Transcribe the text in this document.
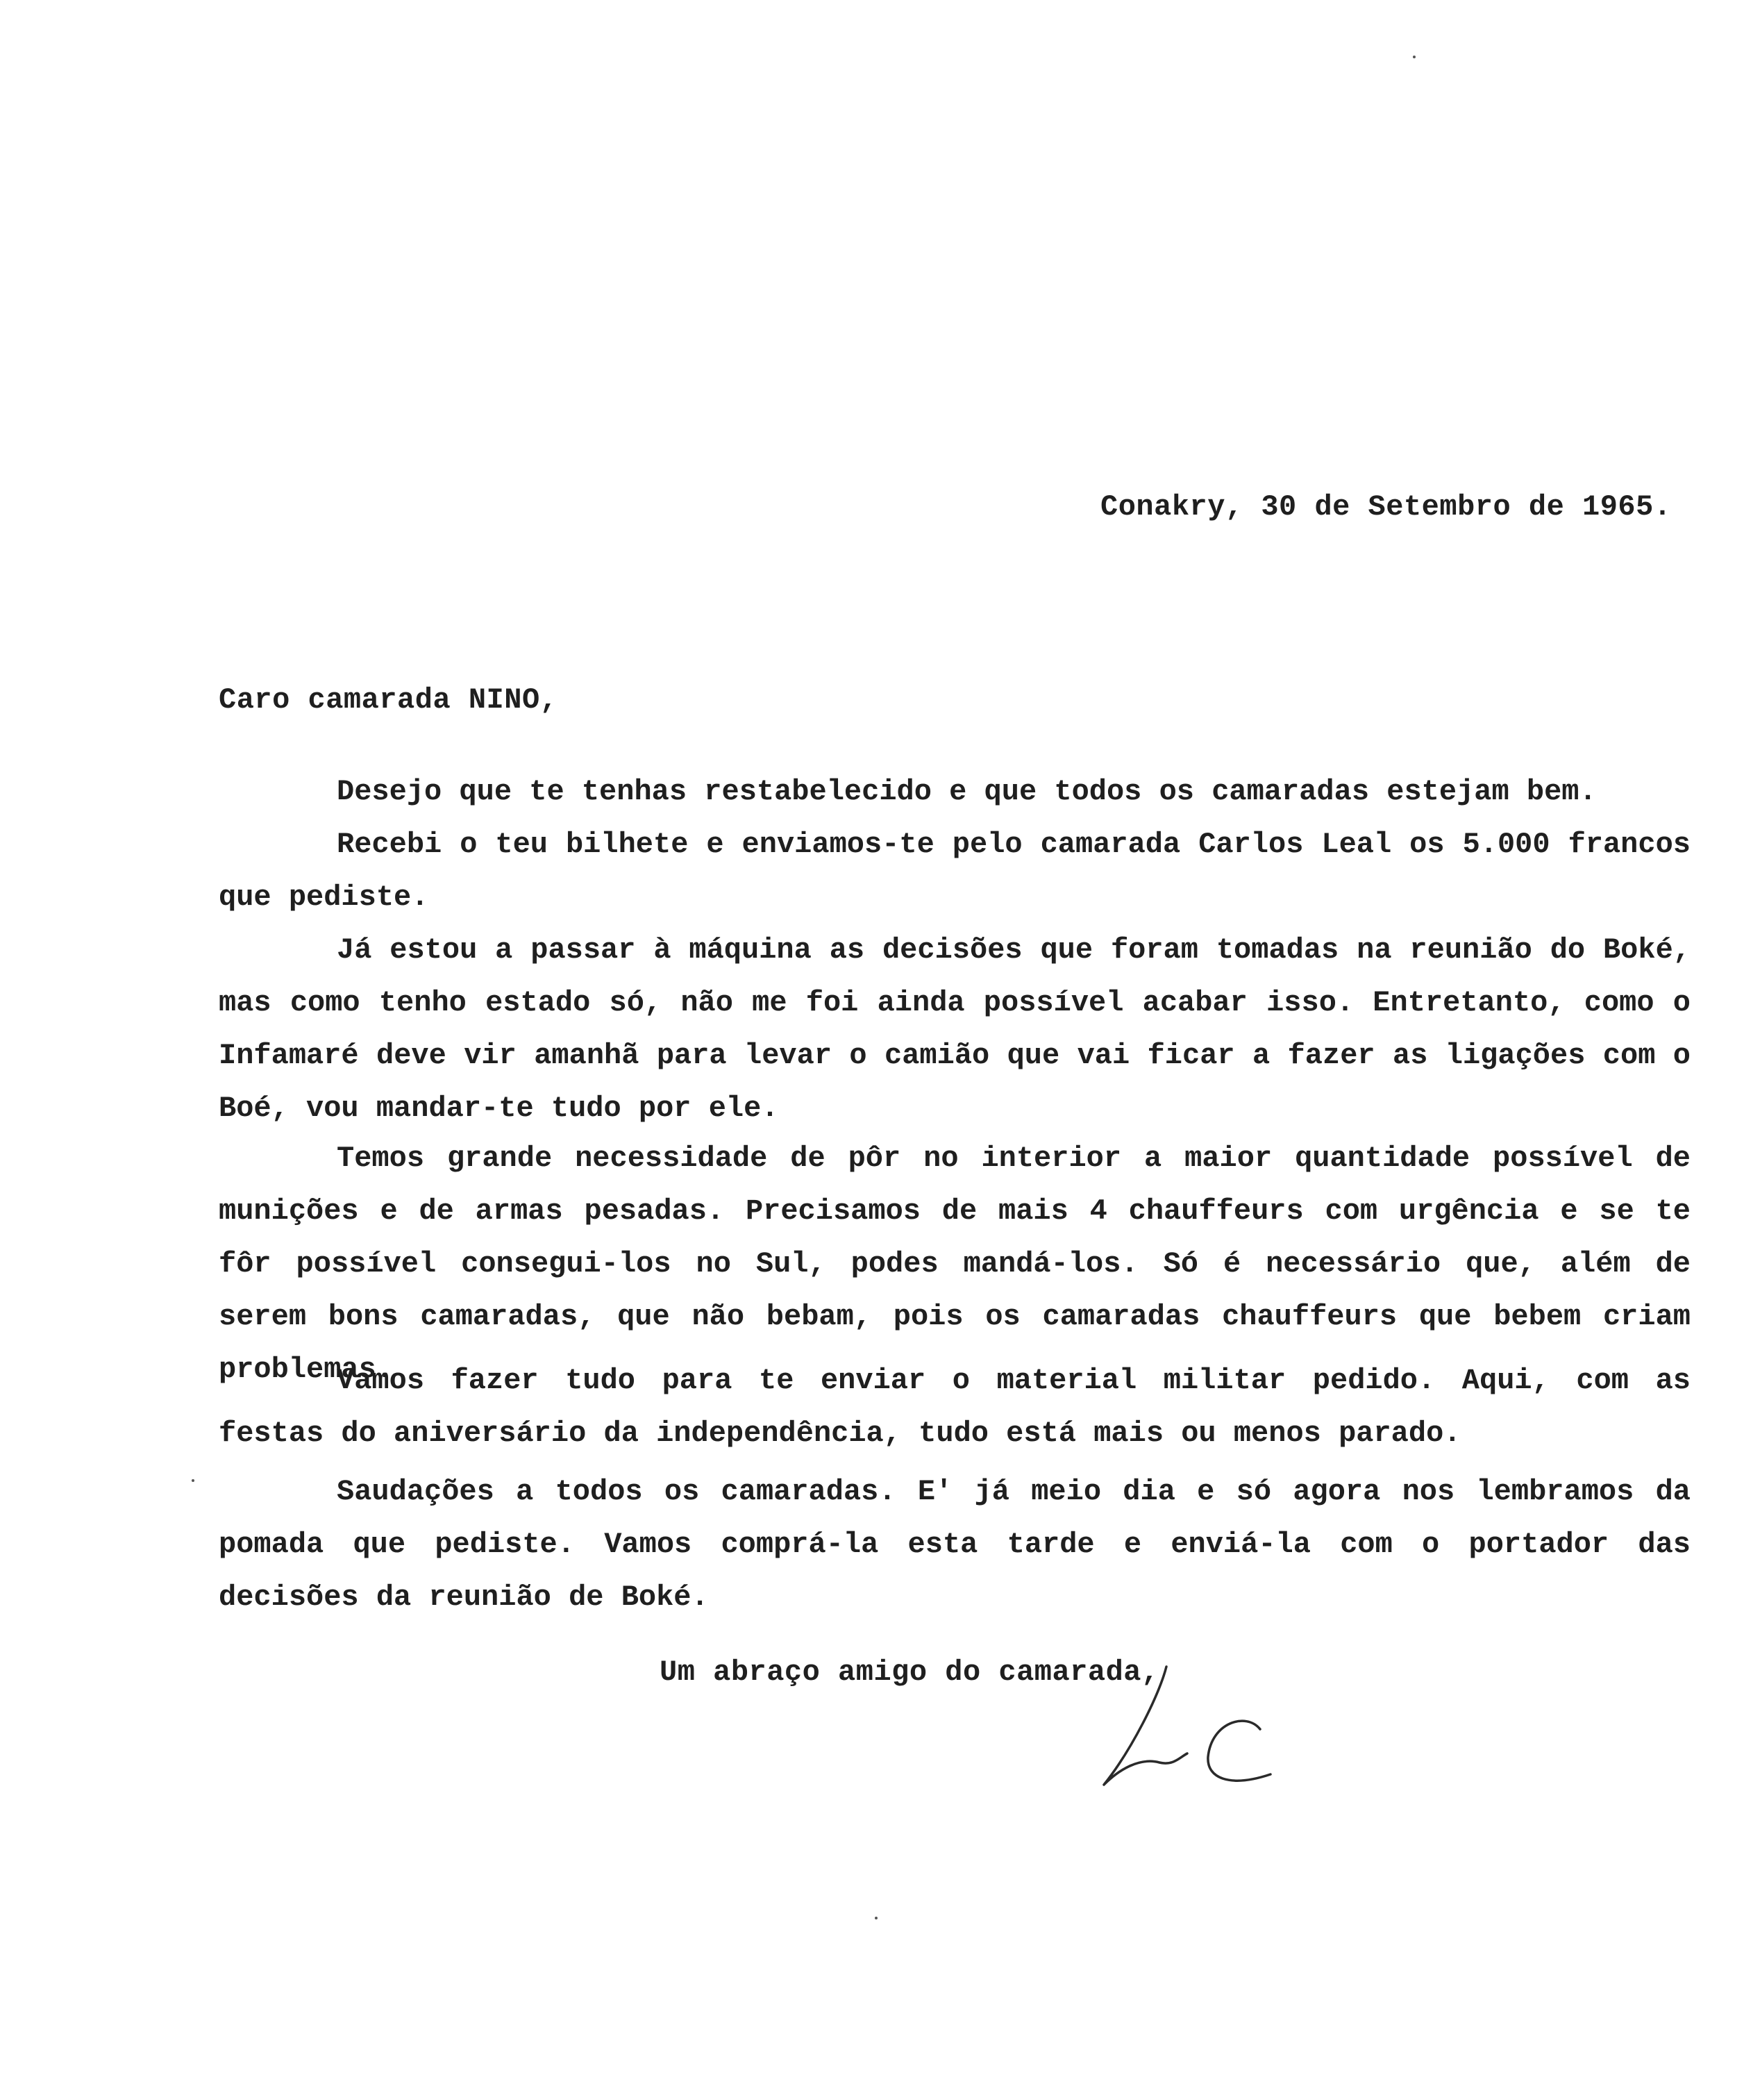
Conakry, 30 de Setembro de 1965.
Caro camarada NINO,
Desejo que te tenhas restabelecido e que todos os camaradas estejam bem.
Recebi o teu bilhete e enviamos-te pelo camarada Carlos Leal os 5.000 francos que pediste.
Já estou a passar à máquina as decisões que foram tomadas na reunião do Boké, mas como tenho estado só, não me foi ainda possível acabar isso. Entretanto, como o Infamaré deve vir amanhã para levar o camião que vai ficar a fazer as ligações com o Boé, vou mandar-te tudo por ele.
Temos grande necessidade de pôr no interior a maior quantidade possível de munições e de armas pesadas. Precisamos de mais 4 chauffeurs com urgência e se te fôr possível consegui-los no Sul, podes mandá-los. Só é necessário que, além de serem bons camaradas, que não bebam, pois os camaradas chauffeurs que bebem criam problemas.
Vamos fazer tudo para te enviar o material militar pedido. Aqui, com as festas do aniversário da independência, tudo está mais ou menos parado.
Saudações a todos os camaradas. E' já meio dia e só agora nos lembramos da pomada que pediste. Vamos comprá-la esta tarde e enviá-la com o portador das decisões da reunião de Boké.
Um abraço amigo do camarada,
